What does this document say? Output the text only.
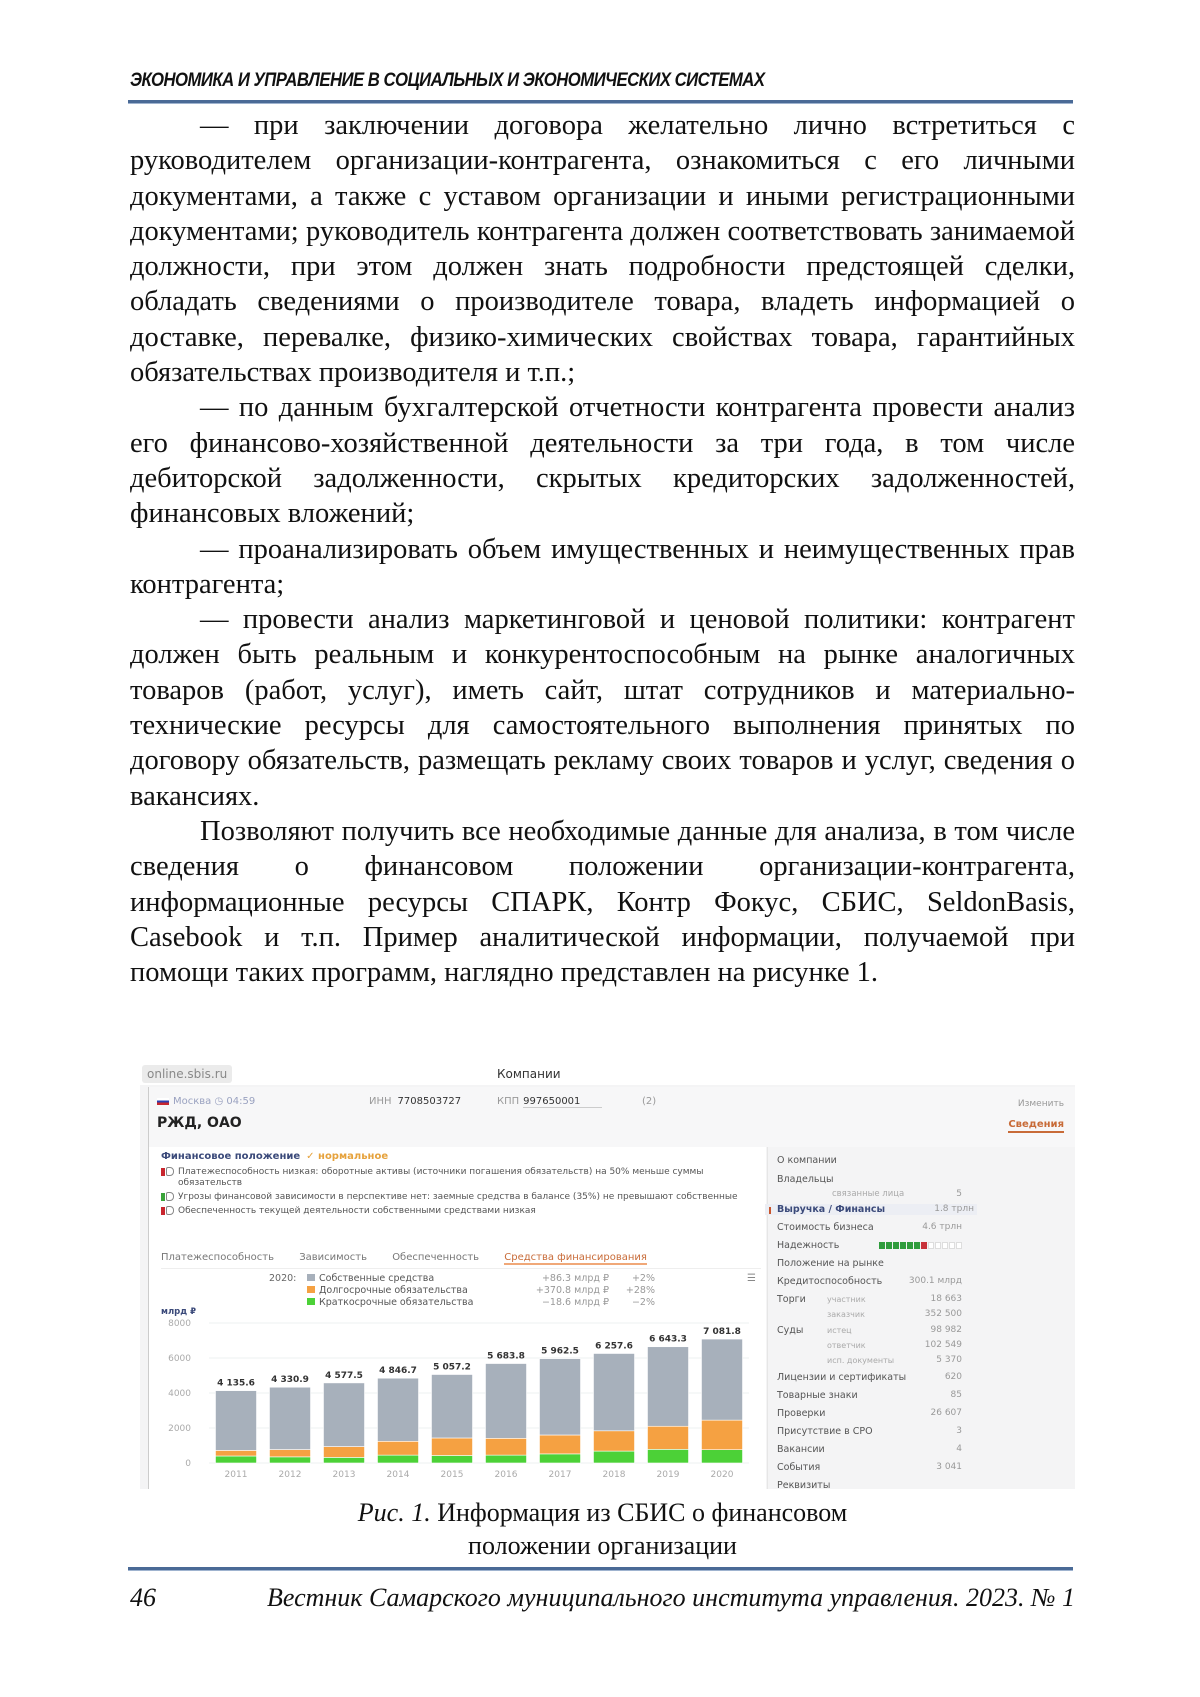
ЭКОНОМИКА И УПРАВЛЕНИЕ В СОЦИАЛЬНЫХ И ЭКОНОМИЧЕСКИХ СИСТЕМАХ

— при заключении договора желательно лично встретиться с руководителем организации-контрагента, ознакомиться с его личными документами, а также с уставом организации и иными регистрационными документами; руководитель контрагента должен соответствовать занимаемой должности, при этом должен знать подробности предстоящей сделки, обладать сведениями о производителе товара, владеть информацией о доставке, перевалке, физико-химических свойствах товара, гарантийных обязательствах производителя и т.п.;

— по данным бухгалтерской отчетности контрагента провести анализ его финансово-хозяйственной деятельности за три года, в том числе дебиторской задолженности, скрытых кредиторских задолженностей, финансовых вложений;

— проанализировать объем имущественных и неимущественных прав контрагента;

— провести анализ маркетинговой и ценовой политики: контрагент должен быть реальным и конкурентоспособным на рынке аналогичных товаров (работ, услуг), иметь сайт, штат сотрудников и материально-технические ресурсы для самостоятельного выполнения принятых по договору обязательств, размещать рекламу своих товаров и услуг, сведения о вакансиях.

Позволяют получить все необходимые данные для анализа, в том числе сведения о финансовом положении организации-контрагента, информационные ресурсы СПАРК, Контр Фокус, СБИС, SeldonBasis, Casebook и т.п. Пример аналитической информации, получаемой при помощи таких программ, наглядно представлен на рисунке 1.

online.sbis.ru	Компании
Москва ◷ 04:59	ИНН 7708503727	КПП 997650001	(2)
РЖД, ОАО
Изменить
Сведения
Финансовое положение ✓ нормальное
Платежеспособность низкая: оборотные активы (источники погашения обязательств) на 50% меньше суммы обязательств
Угрозы финансовой зависимости в перспективе нет: заемные средства в балансе (35%) не превышают собственные
Обеспеченность текущей деятельности собственными средствами низкая
Платежеспособность	Зависимость	Обеспеченность	Средства финансирования
2020:	Собственные средства	+86.3 млрд ₽	+2%
Долгосрочные обязательства	+370.8 млрд ₽	+28%
Краткосрочные обязательства	−18.6 млрд ₽	−2%
☰
млрд ₽
0
2000
4000
6000
8000
4 135.6
2011
4 330.9
2012
4 577.5
2013
4 846.7
2014
5 057.2
2015
5 683.8
2016
5 962.5
2017
6 257.6
2018
6 643.3
2019
7 081.8
2020
О компании
Владельцы
связанные лица	5
Выручка / Финансы	1.8 трлн
Стоимость бизнеса	4.6 трлн
Надежность
Положение на рынке
Кредитоспособность	300.1 млрд
Торги	участник	18 663
заказчик	352 500
Суды	истец	98 982
ответчик	102 549
исп. документы	5 370
Лицензии и сертификаты	620
Товарные знаки	85
Проверки	26 607
Присутствие в СРО	3
Вакансии	4
События	3 041
Реквизиты
Рис. 1. Информация из СБИС о финансовом
положении организации
46	Вестник Самарского муниципального института управления. 2023. № 1
